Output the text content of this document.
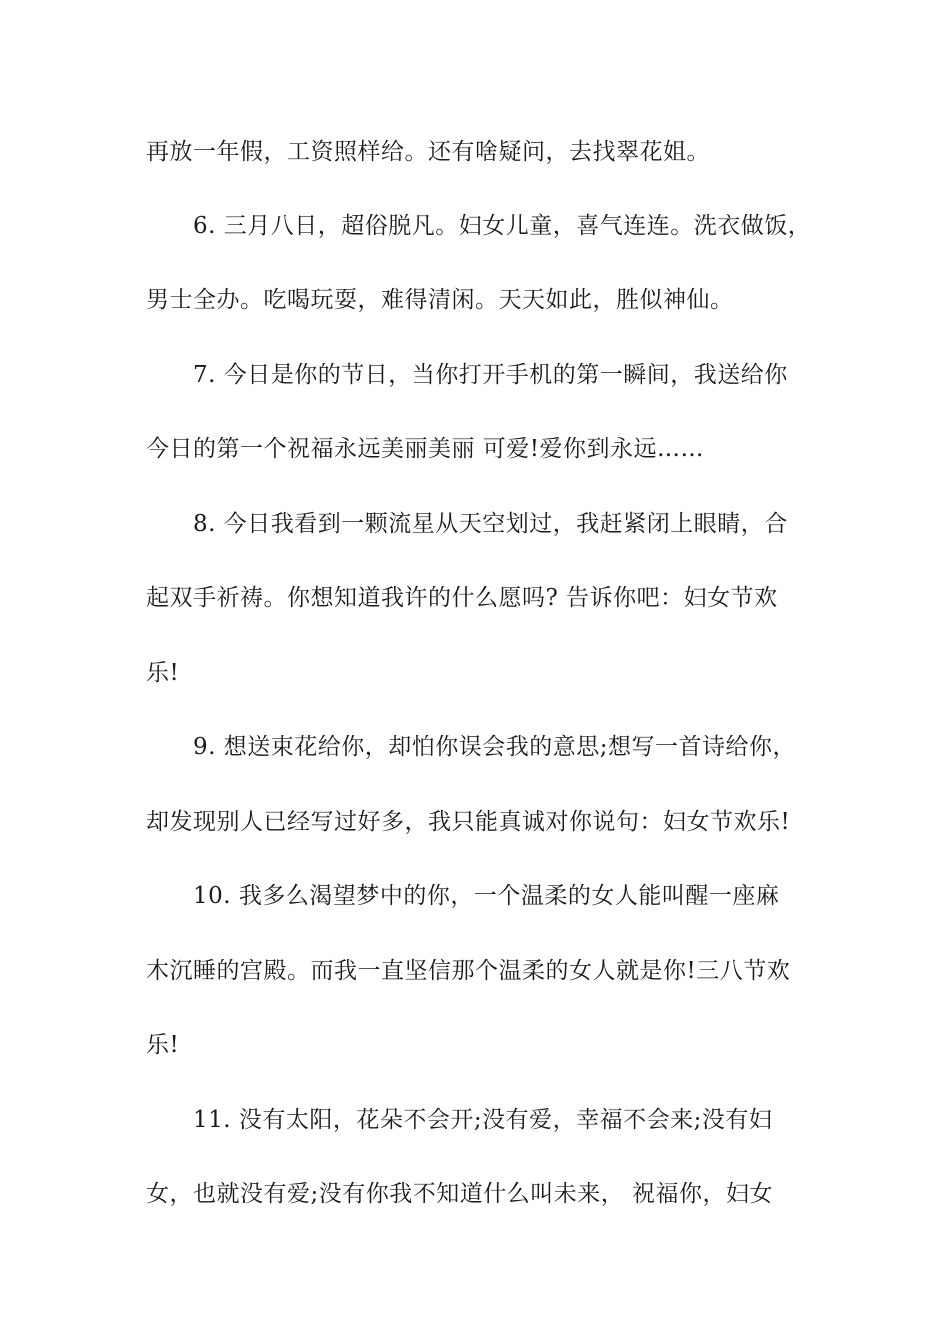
再放一年假，工资照样给。还有啥疑问，去找翠花姐。
6. 三月八日，超俗脱凡。妇女儿童，喜气连连。洗衣做饭，
男士全办。吃喝玩耍，难得清闲。天天如此，胜似神仙。
7. 今日是你的节日，当你打开手机的第一瞬间，我送给你
今日的第一个祝福永远美丽美丽 可爱!爱你到永远……
8. 今日我看到一颗流星从天空划过，我赶紧闭上眼睛，合
起双手祈祷。你想知道我许的什么愿吗? 告诉你吧：妇女节欢
乐!
9. 想送束花给你，却怕你误会我的意思;想写一首诗给你，
却发现别人已经写过好多，我只能真诚对你说句：妇女节欢乐!
10. 我多么渴望梦中的你，一个温柔的女人能叫醒一座麻
木沉睡的宫殿。而我一直坚信那个温柔的女人就是你!三八节欢
乐!
11. 没有太阳，花朵不会开;没有爱，幸福不会来;没有妇
女，也就没有爱;没有你我不知道什么叫未来， 祝福你，妇女
